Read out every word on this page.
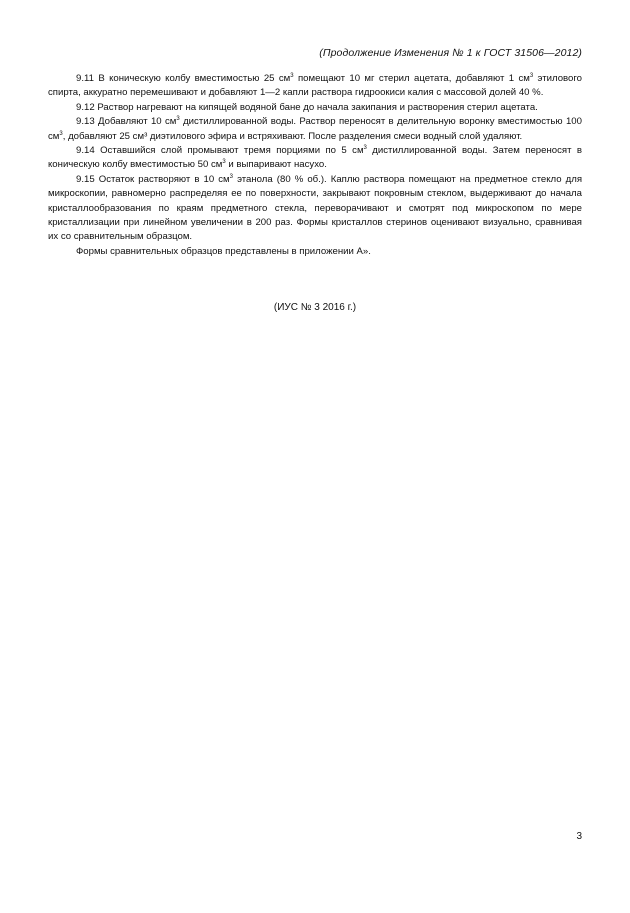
(Продолжение Изменения № 1 к ГОСТ 31506—2012)

9.11 В коническую колбу вместимостью 25 $см^3$ помещают 10 мг стерил ацетата, добавляют 1 $см^3$ этилового спирта, аккуратно перемешивают и добавляют 1—2 капли раствора гидроокиси калия с массовой долей 40 %.

9.12 Раствор нагревают на кипящей водяной бане до начала закипания и растворения стерил ацетата.

9.13 Добавляют 10 $см^3$ дистиллированной воды. Раствор переносят в делительную воронку вместимостью 100 $см^3$, добавляют 25 см³ диэтилового эфира и встряхивают. После разделения смеси водный слой удаляют.

9.14 Оставшийся слой промывают тремя порциями по 5 $см^3$ дистиллированной воды. Затем переносят в коническую колбу вместимостью 50 $см^3$ и выпаривают насухо.

9.15 Остаток растворяют в 10 $см^3$ этанола (80 % об.). Каплю раствора помещают на предметное стекло для микроскопии, равномерно распределяя ее по поверхности, закрывают покровным стеклом, выдерживают до начала кристаллообразования по краям предметного стекла, переворачивают и смотрят под микроскопом по мере кристаллизации при линейном увеличении в 200 раз. Формы кристаллов стеринов оценивают визуально, сравнивая их со сравнительным образцом.

Формы сравнительных образцов представлены в приложении А».

(ИУС № 3 2016 г.)
3
